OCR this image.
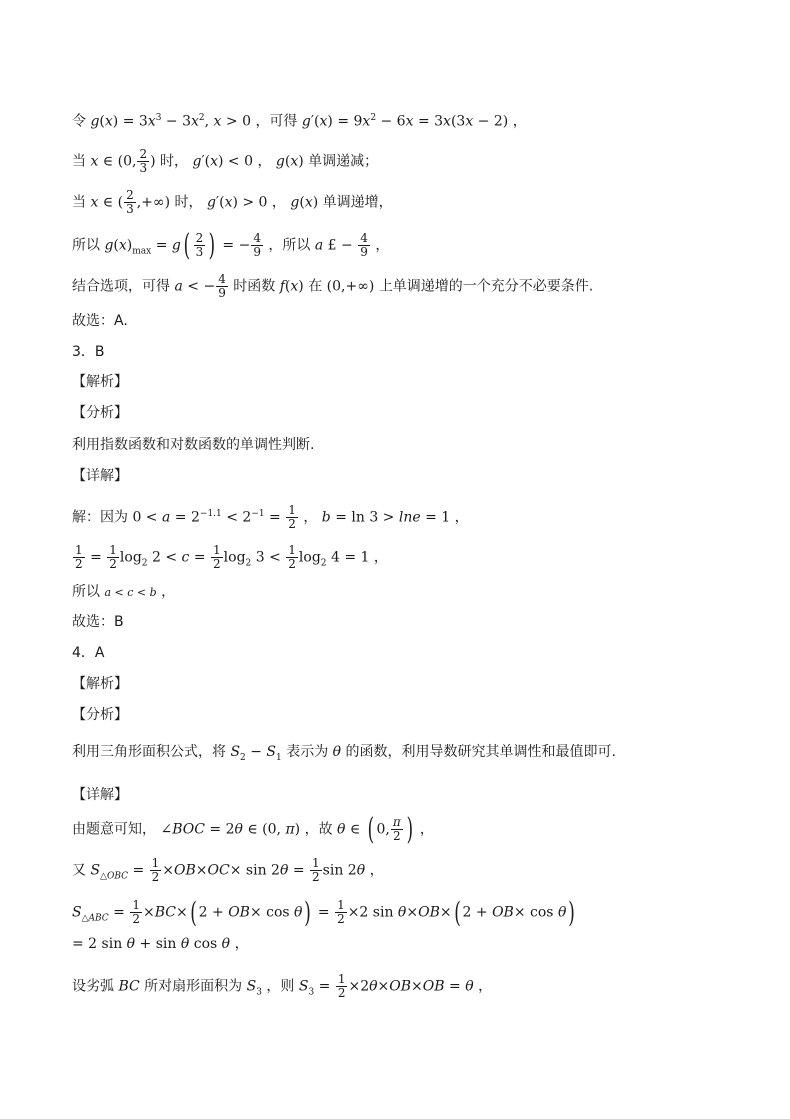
令 $g(x) = 3x^3 - 3x^2$, x > 0 ，可得 $g'(x) = 9x^2 - 6x = 3x(3x - 2)$ ，
当 x ∈ (0, $\frac{2}{3}$ ) 时， g′(x) < 0 ， g(x) 单调递减；
当 x ∈ ( $\frac{2}{3}$ ,+∞) 时， g′(x) > 0 ， g(x) 单调递增，
所以 $g(x)_{max} = g( \frac{2}{3}$ ) = − $\frac{4}{9}$ ，所以 a £ − $\frac{4}{9}$ ，
结合选项，可得 a < − $\frac{4}{9}$ 时函数 f(x) 在 (0,+∞) 上单调递增的一个充分不必要条件.
故选：A.
3．B
【解析】
【分析】
利用指数函数和对数函数的单调性判断.
【详解】
解：因为 $0 < a = 2^{-1.1} < 2^{-1} = \frac{1}{2}$ ， b = ln 3 > lne = 1 ，
$\frac{1}{2} = \frac{1}{2} \log_2 2 < c = \frac{1}{2} \log_2 3 < \frac{1}{2} \log_2 4 = 1$ ，
所以 a < c < b ，
故选：B
4．A
【解析】
【分析】
利用三角形面积公式，将 $S_2 - S_1$ 表示为 θ 的函数，利用导数研究其单调性和最值即可.
【详解】
由题意可知， ∠BOC = 2θ ∈ (0, π) ，故 θ ∈ ( 0, $\frac{\pi}{2}$ ) ，
又 $S_{\triangle OBC} = \frac{1}{2} \times OB\times OC\times \sin 2\theta = \frac{1}{2}$ sin 2θ ，
$S_{\triangle ABC} = \frac{1}{2} \times BC\times$( $2 + OB\times \cos \theta) = \frac{1}{2} \times 2$ sin θ×OB×( 2 + OB× cos θ)
= 2 sin θ + sin θ cos θ ，
设劣弧 BC 所对扇形面积为 $S_3$ ，则 $S_3 = \frac{1}{2} \times 2\theta\times OB\times OB = \theta$ ，
